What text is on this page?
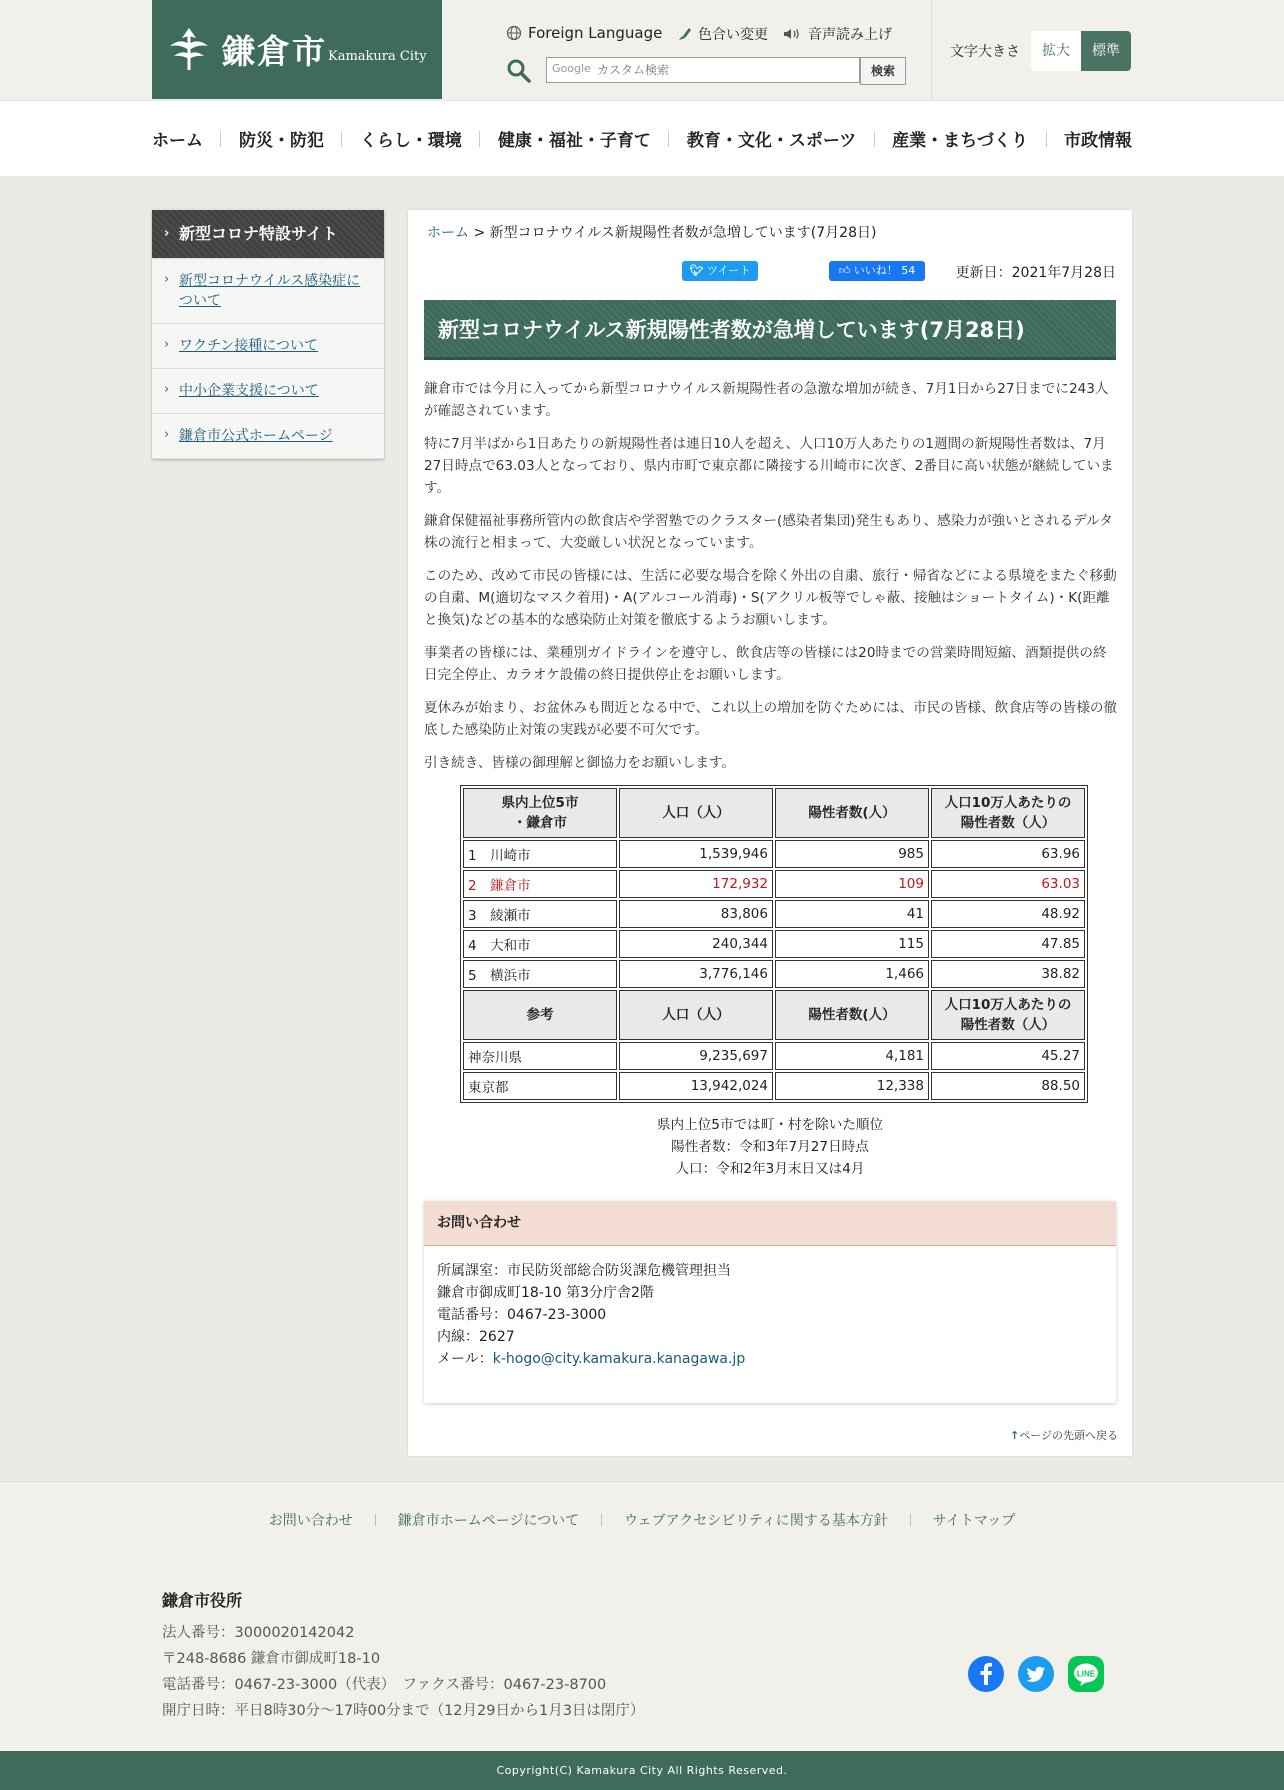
鎌倉市 Kamakura City
Foreign Language	色合い変更	音声読み上げ
カスタム検索
Google	検索
文字大きさ	拡大	標準
ホーム 防災・防犯 くらし・環境 健康・福祉・子育て 教育・文化・スポーツ 産業・まちづくり 市政情報
› 新型コロナ特設サイト
› 新型コロナウイルス感染症について
› ワクチン接種について
› 中小企業支援について
› 鎌倉市公式ホームページ
ホーム > 新型コロナウイルス新規陽性者数が急増しています(7月28日)
🐦︎ ツイート	👍︎ いいね！ 54	更新日：2021年7月28日
新型コロナウイルス新規陽性者数が急増しています(7月28日)

鎌倉市では今月に入ってから新型コロナウイルス新規陽性者の急激な増加が続き、7月1日から27日までに243人が確認されています。

特に7月半ばから1日あたりの新規陽性者は連日10人を超え、人口10万人あたりの1週間の新規陽性者数は、7月27日時点で63.03人となっており、県内市町で東京都に隣接する川崎市に次ぎ、2番目に高い状態が継続しています。

鎌倉保健福祉事務所管内の飲食店や学習塾でのクラスター(感染者集団)発生もあり、感染力が強いとされるデルタ株の流行と相まって、大変厳しい状況となっています。

このため、改めて市民の皆様には、生活に必要な場合を除く外出の自粛、旅行・帰省などによる県境をまたぐ移動の自粛、M(適切なマスク着用)・A(アルコール消毒)・S(アクリル板等でしゃ蔽、接触はショートタイム)・K(距離と換気)などの基本的な感染防止対策を徹底するようお願いします。

事業者の皆様には、業種別ガイドラインを遵守し、飲食店等の皆様には20時までの営業時間短縮、酒類提供の終日完全停止、カラオケ設備の終日提供停止をお願いします。

夏休みが始まり、お盆休みも間近となる中で、これ以上の増加を防ぐためには、市民の皆様、飲食店等の皆様の徹底した感染防止対策の実践が必要不可欠です。

引き続き、皆様の御理解と御協力をお願いします。

県内上位5市
・鎌倉市	人口（人）	陽性者数(人）	人口10万人あたりの
陽性者数（人）
1　川崎市	1,539,946	985	63.96
2　鎌倉市	172,932	109	63.03
3　綾瀬市	83,806	41	48.92
4　大和市	240,344	115	47.85
5　横浜市	3,776,146	1,466	38.82
参考	人口（人）	陽性者数(人）	人口10万人あたりの
陽性者数（人）
神奈川県	9,235,697	4,181	45.27
東京都	13,942,024	12,338	88.50
県内上位5市では町・村を除いた順位
陽性者数：令和3年7月27日時点
人口：令和2年3月末日又は4月
お問い合わせ
所属課室：市民防災部総合防災課危機管理担当
鎌倉市御成町18-10 第3分庁舎2階
電話番号：0467-23-3000
内線：2627
メール：k-hogo@city.kamakura.kanagawa.jp
↑ページの先頭へ戻る
お問い合わせ	鎌倉市ホームページについて	ウェブアクセシビリティに関する基本方針	サイトマップ
鎌倉市役所
法人番号：3000020142042
〒248-8686 鎌倉市御成町18-10
電話番号：0467-23-3000（代表）　ファクス番号：0467-23-8700
開庁日時：平日8時30分～17時00分まで（12月29日から1月3日は閉庁）
LINE
Copyright(C) Kamakura City All Rights Reserved.
